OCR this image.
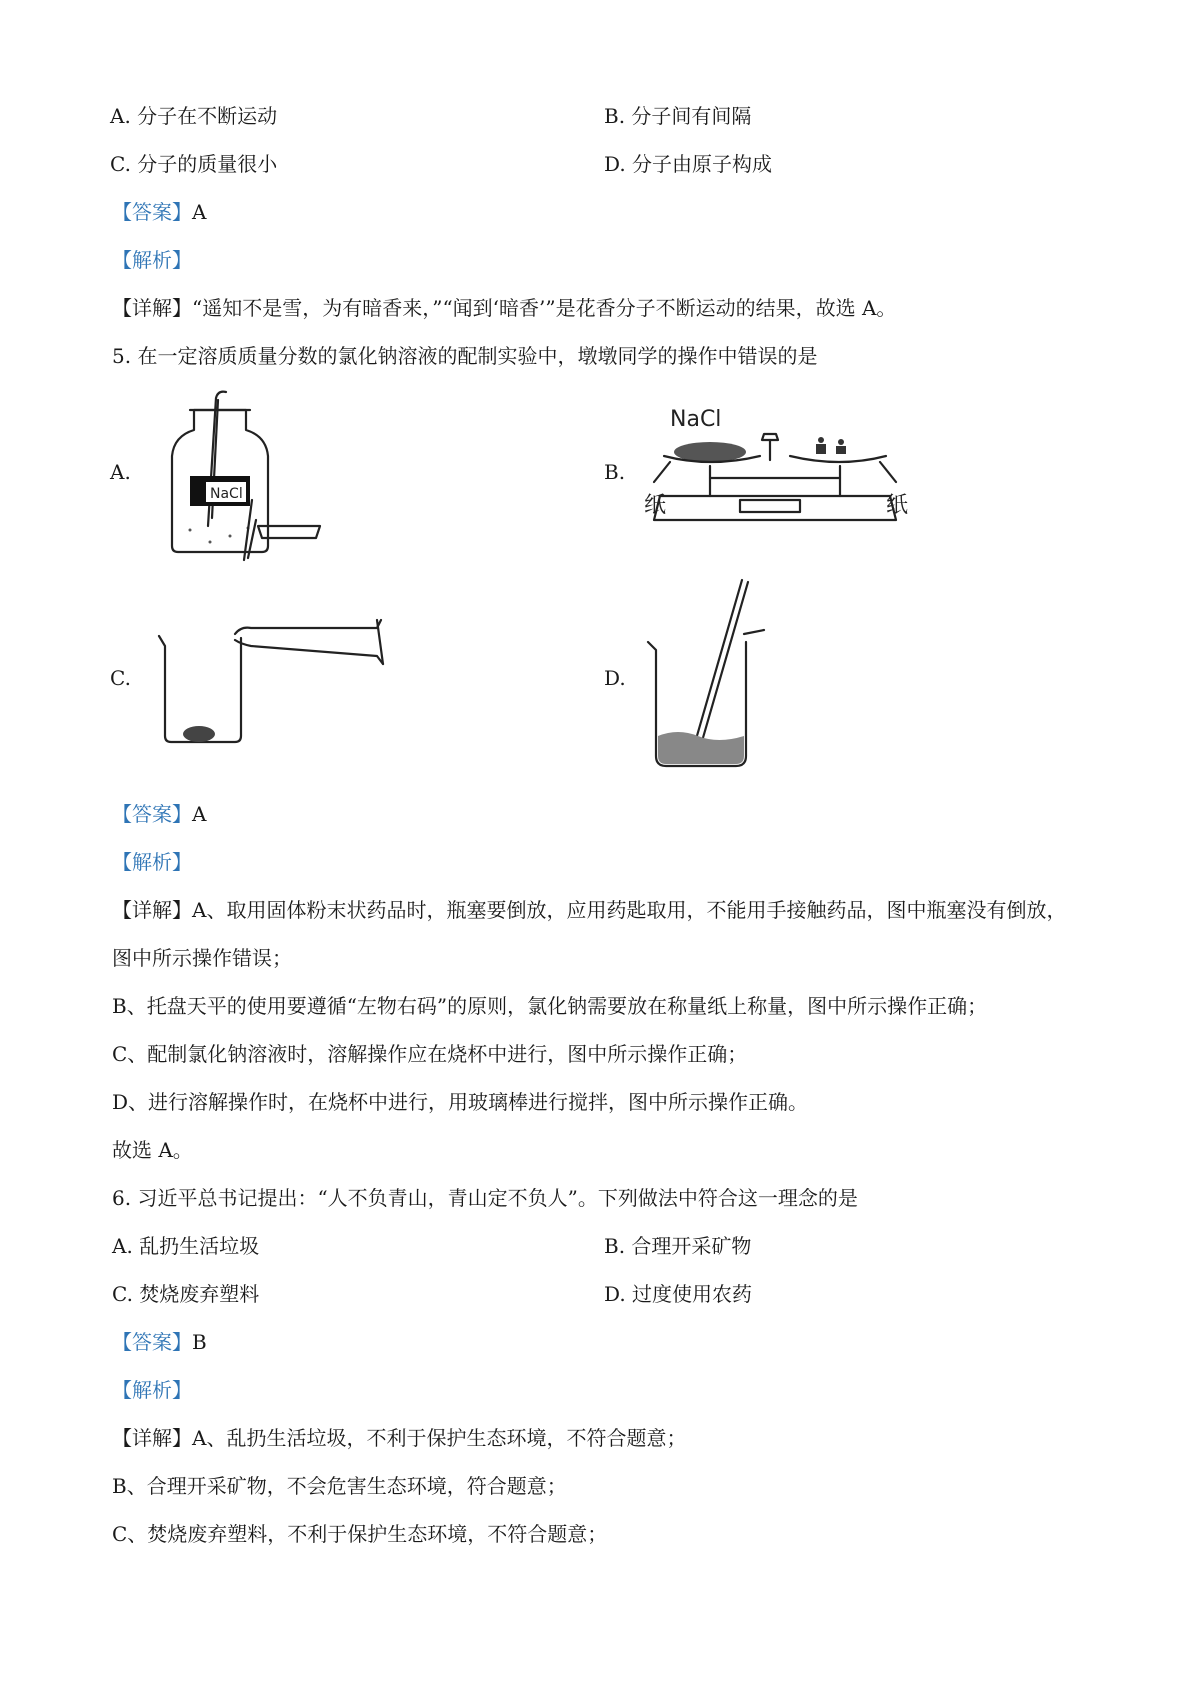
A. 分子在不断运动	B. 分子间有间隔
C. 分子的质量很小	D. 分子由原子构成
【答案】A
【解析】
【详解】“遥知不是雪，为有暗香来，”“闻到‘暗香’”是花香分子不断运动的结果，故选 A。
5. 在一定溶质质量分数的氯化钠溶液的配制实验中，墩墩同学的操作中错误的是
A.	B.
C.	D.
NaCl
NaCl
纸	纸
【答案】A
【解析】
【详解】A、取用固体粉末状药品时，瓶塞要倒放，应用药匙取用，不能用手接触药品，图中瓶塞没有倒放，
图中所示操作错误；
B、托盘天平的使用要遵循“左物右码”的原则，氯化钠需要放在称量纸上称量，图中所示操作正确；
C、配制氯化钠溶液时，溶解操作应在烧杯中进行，图中所示操作正确；
D、进行溶解操作时，在烧杯中进行，用玻璃棒进行搅拌，图中所示操作正确。
故选 A。
6. 习近平总书记提出：“人不负青山，青山定不负人”。下列做法中符合这一理念的是
A. 乱扔生活垃圾	B. 合理开采矿物
C. 焚烧废弃塑料	D. 过度使用农药
【答案】B
【解析】
【详解】A、乱扔生活垃圾，不利于保护生态环境，不符合题意；
B、合理开采矿物，不会危害生态环境，符合题意；
C、焚烧废弃塑料，不利于保护生态环境，不符合题意；
